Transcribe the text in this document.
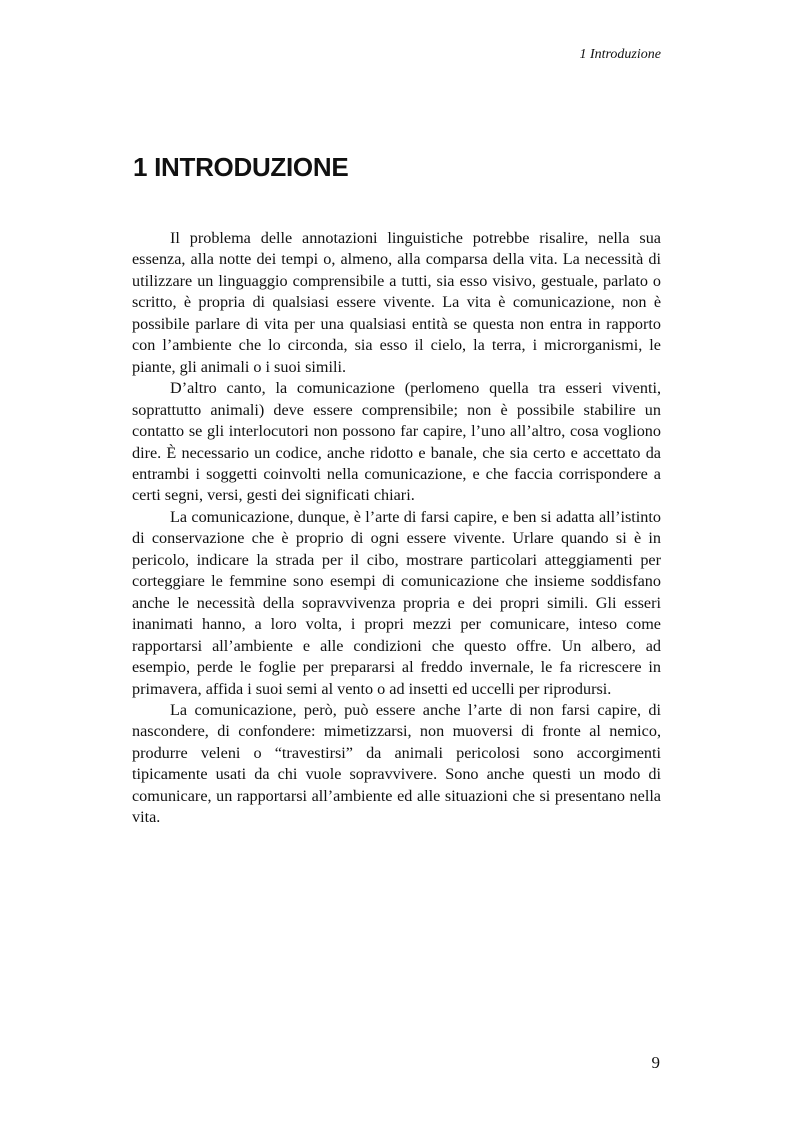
1 Introduzione
1 INTRODUZIONE

Il problema delle annotazioni linguistiche potrebbe risalire, nella sua essenza, alla notte dei tempi o, almeno, alla comparsa della vita. La necessità di utilizzare un linguaggio comprensibile a tutti, sia esso visivo, gestuale, parlato o scritto, è propria di qualsiasi essere vivente. La vita è comunicazione, non è possibile parlare di vita per una qualsiasi entità se questa non entra in rapporto con l’ambiente che lo circonda, sia esso il cielo, la terra, i microrganismi, le piante, gli animali o i suoi simili.

D’altro canto, la comunicazione (perlomeno quella tra esseri viventi, soprattutto animali) deve essere comprensibile; non è possibile stabilire un contatto se gli interlocutori non possono far capire, l’uno all’altro, cosa vogliono dire. È necessario un codice, anche ridotto e banale, che sia certo e accettato da entrambi i soggetti coinvolti nella comunicazione, e che faccia corrispondere a certi segni, versi, gesti dei significati chiari.

La comunicazione, dunque, è l’arte di farsi capire, e ben si adatta all’istinto di conservazione che è proprio di ogni essere vivente. Urlare quando si è in pericolo, indicare la strada per il cibo, mostrare particolari atteggiamenti per corteggiare le femmine sono esempi di comunicazione che insieme soddisfano anche le necessità della sopravvivenza propria e dei propri simili. Gli esseri inanimati hanno, a loro volta, i propri mezzi per comunicare, inteso come rapportarsi all’ambiente e alle condizioni che questo offre. Un albero, ad esempio, perde le foglie per prepararsi al freddo invernale, le fa ricrescere in primavera, affida i suoi semi al vento o ad insetti ed uccelli per riprodursi.

La comunicazione, però, può essere anche l’arte di non farsi capire, di nascondere, di confondere: mimetizzarsi, non muoversi di fronte al nemico, produrre veleni o “travestirsi” da animali pericolosi sono accorgimenti tipicamente usati da chi vuole sopravvivere. Sono anche questi un modo di comunicare, un rapportarsi all’ambiente ed alle situazioni che si presentano nella vita.

9
